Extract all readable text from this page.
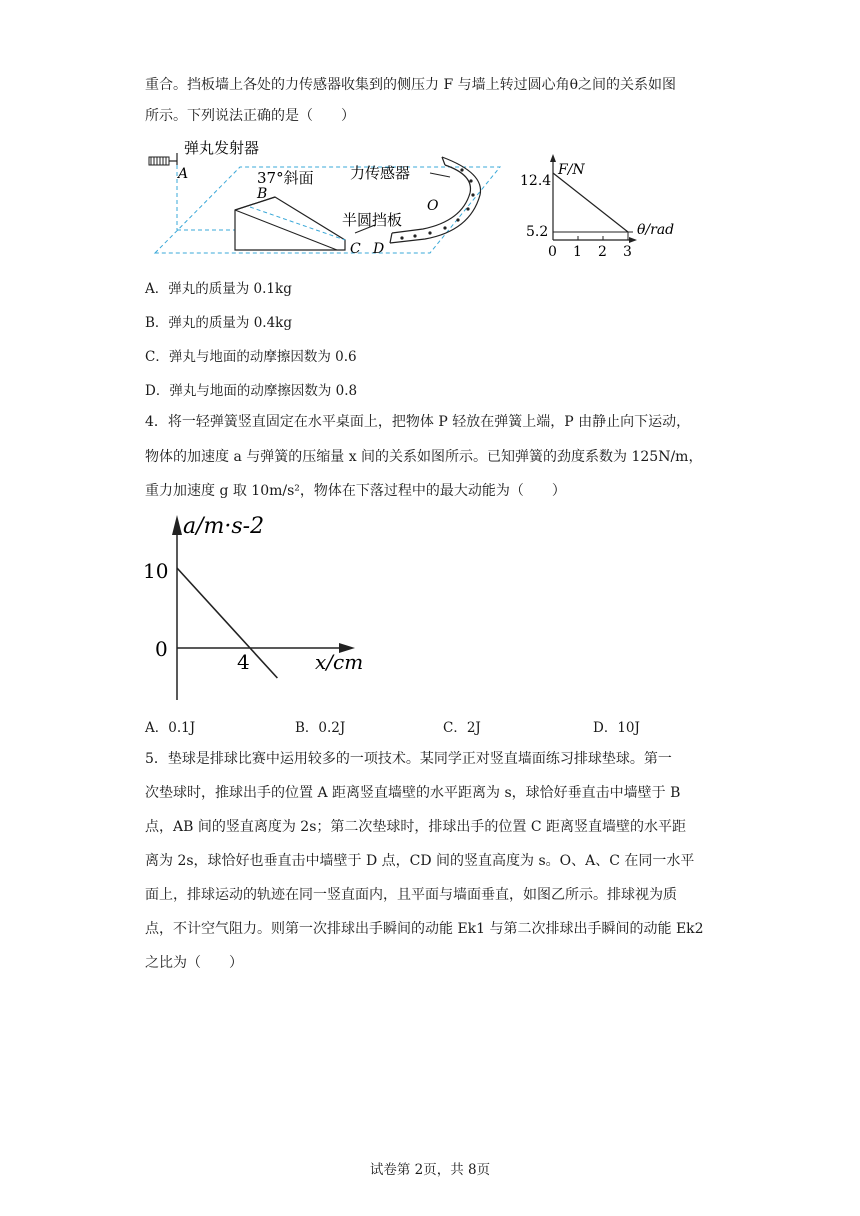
重合。挡板墙上各处的力传感器收集到的侧压力 F 与墙上转过圆心角θ之间的关系如图
所示。下列说法正确的是（　　）
弹丸发射器
A	37°斜面
B
C D
力传感器
O
半圆挡板
F/N
θ/rad
12.4
5.2
0 1 2 3
A．弹丸的质量为 0.1kg
B．弹丸的质量为 0.4kg
C．弹丸与地面的动摩擦因数为 0.6
D．弹丸与地面的动摩擦因数为 0.8
4．将一轻弹簧竖直固定在水平桌面上，把物体 P 轻放在弹簧上端，P 由静止向下运动，
物体的加速度 a 与弹簧的压缩量 x 间的关系如图所示。已知弹簧的劲度系数为 125N/m，
重力加速度 g 取 10m/s²，物体在下落过程中的最大动能为（　　）
a/m·s-2
x/cm
10
0
4
A．0.1J	B．0.2J	C．2J	D．10J
5．垫球是排球比赛中运用较多的一项技术。某同学正对竖直墙面练习排球垫球。第一
次垫球时，推球出手的位置 A 距离竖直墙壁的水平距离为 s，球恰好垂直击中墙壁于 B
点，AB 间的竖直离度为 2s；第二次垫球时，排球出手的位置 C 距离竖直墙壁的水平距
离为 2s，球恰好也垂直击中墙壁于 D 点，CD 间的竖直高度为 s。O、A、C 在同一水平
面上，排球运动的轨迹在同一竖直面内，且平面与墙面垂直，如图乙所示。排球视为质
点，不计空气阻力。则第一次排球出手瞬间的动能 Ek1 与第二次排球出手瞬间的动能 Ek2
之比为（　　）
试卷第 2页，共 8页
